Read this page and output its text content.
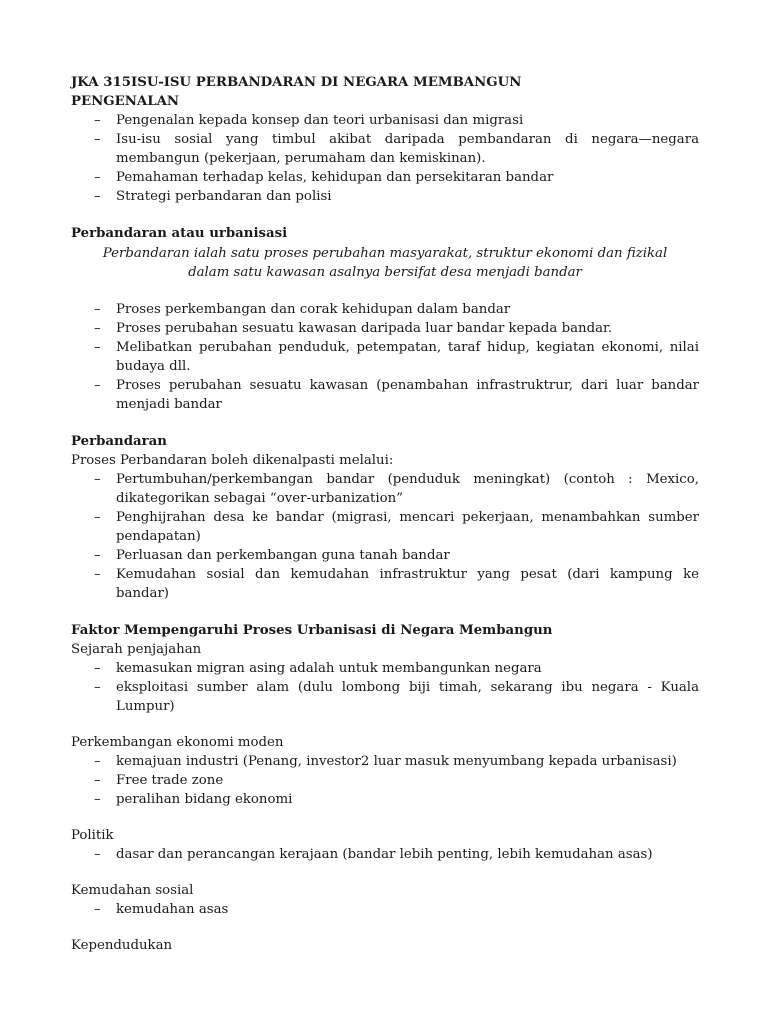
JKA 315ISU-ISU PERBANDARAN DI NEGARA MEMBANGUN

PENGENALAN

– Pengenalan kepada konsep dan teori urbanisasi dan migrasi
– Isu-isu sosial yang timbul akibat daripada pembandaran di negara—negara membangun (pekerjaan, perumaham dan kemiskinan).
– Pemahaman terhadap kelas, kehidupan dan persekitaran bandar
– Strategi perbandaran dan polisi

Perbandaran atau urbanisasi

Perbandaran ialah satu proses perubahan masyarakat, struktur ekonomi dan fizikal dalam satu kawasan asalnya bersifat desa menjadi bandar

– Proses perkembangan dan corak kehidupan dalam bandar
– Proses perubahan sesuatu kawasan daripada luar bandar kepada bandar.
– Melibatkan perubahan penduduk, petempatan, taraf hidup, kegiatan ekonomi, nilai budaya dll.
– Proses perubahan sesuatu kawasan (penambahan infrastruktrur, dari luar bandar menjadi bandar

Perbandaran

Proses Perbandaran boleh dikenalpasti melalui:

– Pertumbuhan/perkembangan bandar (penduduk meningkat) (contoh : Mexico, dikategorikan sebagai “over-urbanization”
– Penghijrahan desa ke bandar (migrasi, mencari pekerjaan, menambahkan sumber pendapatan)
– Perluasan dan perkembangan guna tanah bandar
– Kemudahan sosial dan kemudahan infrastruktur yang pesat (dari kampung ke bandar)

Faktor Mempengaruhi Proses Urbanisasi di Negara Membangun

Sejarah penjajahan

– kemasukan migran asing adalah untuk membangunkan negara
– eksploitasi sumber alam (dulu lombong biji timah, sekarang ibu negara - Kuala Lumpur)

Perkembangan ekonomi moden

– kemajuan industri (Penang, investor2 luar masuk menyumbang kepada urbanisasi)
– Free trade zone
– peralihan bidang ekonomi

Politik

– dasar dan perancangan kerajaan (bandar lebih penting, lebih kemudahan asas)

Kemudahan sosial

– kemudahan asas

Kependudukan
